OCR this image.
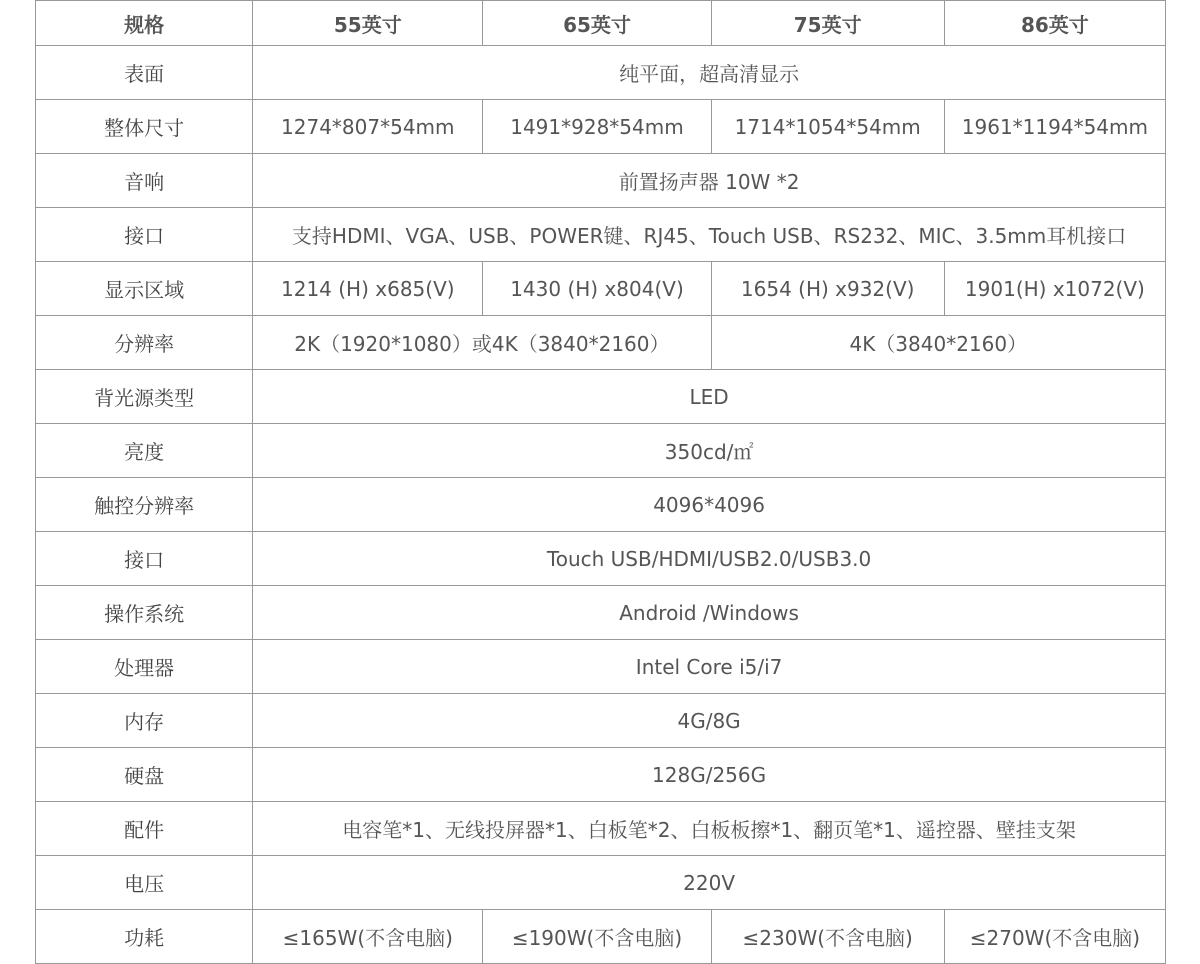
规格	55英寸	65英寸	75英寸	86英寸
表面	纯平面，超高清显示			
整体尺寸	1274*807*54mm	1491*928*54mm	1714*1054*54mm	1961*1194*54mm
音响	前置扬声器 10W *2			
接口	支持HDMI、VGA、USB、POWER键、RJ45、Touch USB、RS232、MIC、3.5mm耳机接口			
显示区域	1214 (H) x685(V)	1430 (H) x804(V)	1654 (H) x932(V)	1901(H) x1072(V)
分辨率	2K（1920*1080）或4K（3840*2160）		4K（3840*2160）	
背光源类型	LED			
亮度	350cd/㎡			
触控分辨率	4096*4096			
接口	Touch USB/HDMI/USB2.0/USB3.0			
操作系统	Android /Windows			
处理器	Intel Core i5/i7			
内存	4G/8G			
硬盘	128G/256G			
配件	电容笔*1、无线投屏器*1、白板笔*2、白板板擦*1、翻页笔*1、遥控器、壁挂支架			
电压	220V			
功耗	≤165W(不含电脑)	≤190W(不含电脑)	≤230W(不含电脑)	≤270W(不含电脑)
